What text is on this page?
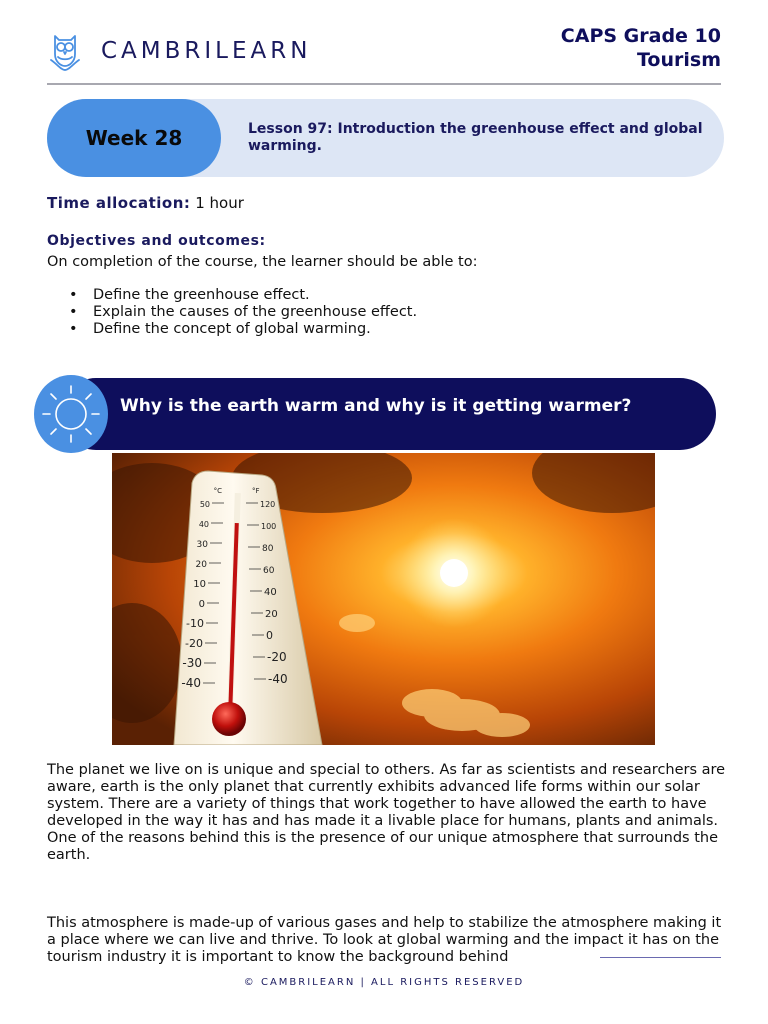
CAMBRILEARN
CAPS Grade 10
Tourism
Week 28	Lesson 97: Introduction the greenhouse effect and global warming.
Time allocation: 1 hour
Objectives and outcomes:
On completion of the course, the learner should be able to:
• Define the greenhouse effect.
• Explain the causes of the greenhouse effect.
• Define the concept of global warming.
Why is the earth warm and why is it getting warmer?
°C
50
40
30
20
10
0
-10
-20
-30
-40
°F
120
100
80
60
40
20
0
-20
-40

The planet we live on is unique and special to others. As far as scientists and researchers are aware, earth is the only planet that currently exhibits advanced life forms within our solar system. There are a variety of things that work together to have allowed the earth to have developed in the way it has and has made it a livable place for humans, plants and animals. One of the reasons behind this is the presence of our unique atmosphere that surrounds the earth.

This atmosphere is made-up of various gases and help to stabilize the atmosphere making it a place where we can live and thrive. To look at global warming and the impact it has on the tourism industry it is important to know the background behind

© CAMBRILEARN | ALL RIGHTS RESERVED
